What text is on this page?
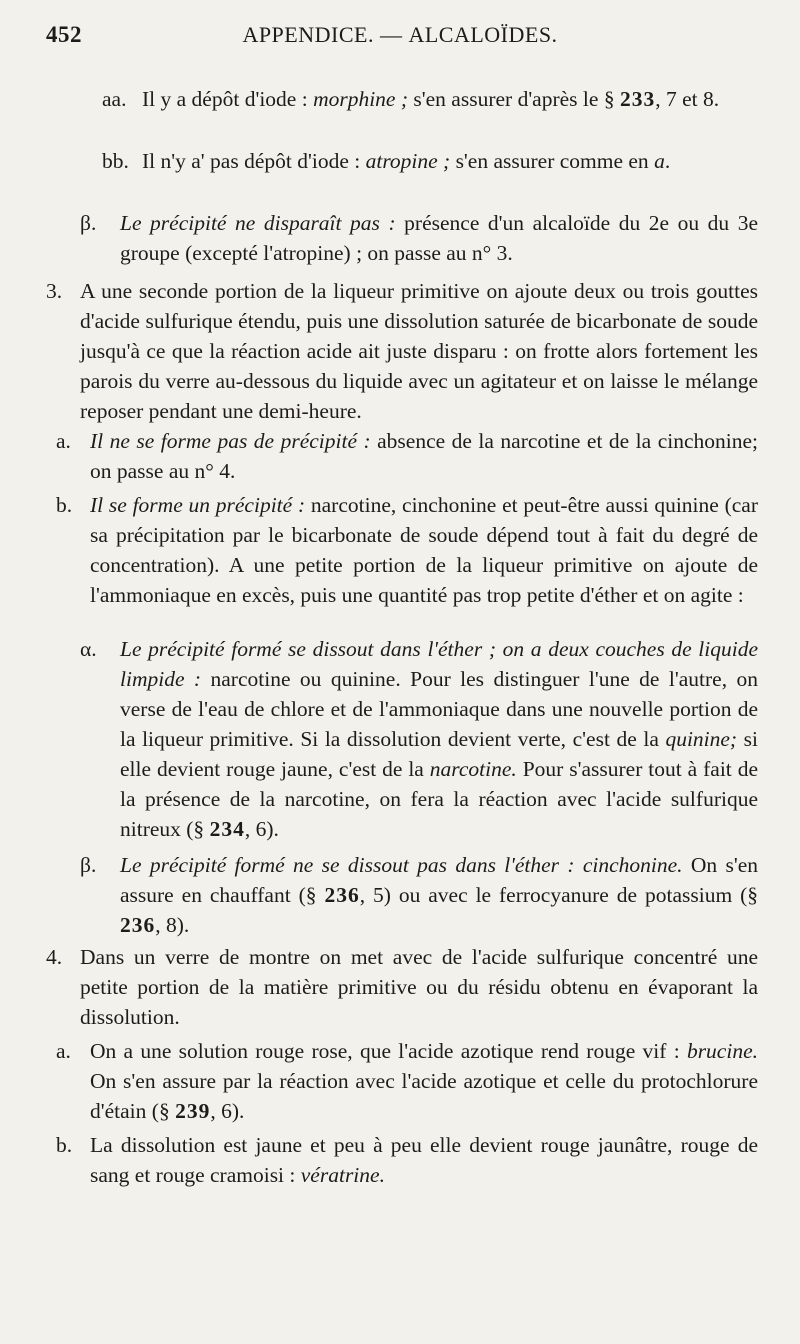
452	APPENDICE. — ALCALOÏDES.
aa. Il y a dépôt d'iode : morphine ; s'en assurer d'après le § 233, 7 et 8.
bb. Il n'y a' pas dépôt d'iode : atropine ; s'en assurer comme en a.
β. Le précipité ne disparaît pas : présence d'un alcaloïde du 2e ou du 3e groupe (excepté l'atropine) ; on passe au n° 3.
3. A une seconde portion de la liqueur primitive on ajoute deux ou trois gouttes d'acide sulfurique étendu, puis une dissolution saturée de bicarbonate de soude jusqu'à ce que la réaction acide ait juste disparu : on frotte alors fortement les parois du verre au-dessous du liquide avec un agitateur et on laisse le mélange reposer pendant une demi-heure.
a. Il ne se forme pas de précipité : absence de la narcotine et de la cinchonine; on passe au n° 4.
b. Il se forme un précipité : narcotine, cinchonine et peut-être aussi quinine (car sa précipitation par le bicarbonate de soude dépend tout à fait du degré de concentration). A une petite portion de la liqueur primitive on ajoute de l'ammoniaque en excès, puis une quantité pas trop petite d'éther et on agite :
α. Le précipité formé se dissout dans l'éther ; on a deux couches de liquide limpide : narcotine ou quinine. Pour les distinguer l'une de l'autre, on verse de l'eau de chlore et de l'ammoniaque dans une nouvelle portion de la liqueur primitive. Si la dissolution devient verte, c'est de la quinine; si elle devient rouge jaune, c'est de la narcotine. Pour s'assurer tout à fait de la présence de la narcotine, on fera la réaction avec l'acide sulfurique nitreux (§ 234, 6).
β. Le précipité formé ne se dissout pas dans l'éther : cinchonine. On s'en assure en chauffant (§ 236, 5) ou avec le ferrocyanure de potassium (§ 236, 8).
4. Dans un verre de montre on met avec de l'acide sulfurique concentré une petite portion de la matière primitive ou du résidu obtenu en évaporant la dissolution.
a. On a une solution rouge rose, que l'acide azotique rend rouge vif : brucine. On s'en assure par la réaction avec l'acide azotique et celle du protochlorure d'étain (§ 239, 6).
b. La dissolution est jaune et peu à peu elle devient rouge jaunâtre, rouge de sang et rouge cramoisi : vératrine.
